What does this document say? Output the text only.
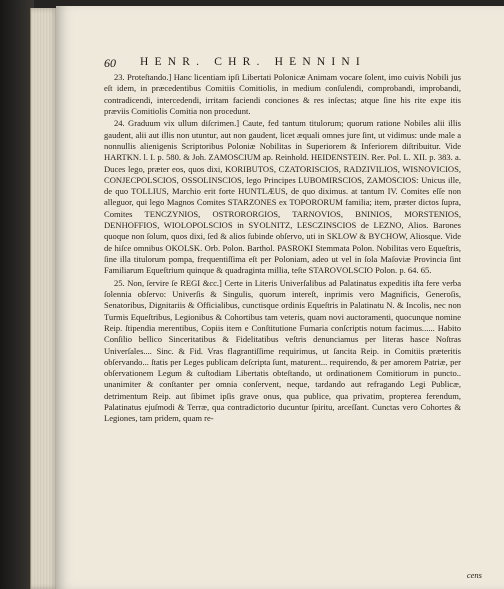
60 HENR. CHR. HENNINI

23. Proteſtando.] Hanc licentiam ipſi Libertati Polonicæ Animam vocare ſolent, imo cuivis Nobili jus eſt idem, in præcedentibus Comitiis Comitiolis, in medium conſulendi, comprobandi, improbandi, contradicendi, intercedendi, irritam faciendi conciones & res inſectas; atque ſine his rite expe itis præviis Comitiolis Comitia non procedunt.

24. Graduum vix ullum diſcrimen.] Caute, fed tantum titulorum; quorum ratione Nobiles alii illis gaudent, alii aut illis non utuntur, aut non gaudent, licet æquali omnes jure ſint, ut vidimus: unde male a nonnullis alienigenis Scriptoribus Poloniæ Nobilitas in Superiorem & Inferiorem diſtribuitur. Vide HARTKN. l. I. p. 580. & Joh. ZAMOSCIUM ap. Reinhold. HEIDENSTEIN. Rer. Pol. L. XII. p. 383. a. Duces lego, præter eos, quos dixi, KORIBUTOS, CZATORISCIOS, RADZIVILIOS, WISNOVICIOS, CONJECPOLSCIOS, OSSOLINSCIOS, lego Principes LUBOMIRSCIOS, ZAMOSCIOS: Unicus ille, de quo TOLLIUS, Marchio erit forte HUNTLÆUS, de quo diximus. at tantum IV. Comites eſſe non alleguor, qui lego Magnos Comites STARZONES ex TOPORORUM familia; item, præter dictos ſupra, Comites TENCZYNIOS, OSTRORORGIOS, TARNOVIOS, BNINIOS, MORSTENIOS, DENHOFFIOS, WIOLOPOLSCIOS in SYOLNITZ, LESCZINSCIOS de LEZNO, Alios. Barones quoque non ſolum, quos dixi, ſed & alios ſubinde obſervo, uti in SKLOW & BYCHOW, Aliosque. Vide de hiſce omnibus OKOLSK. Orb. Polon. Barthol. PASROKI Stemmata Polon. Nobilitas vero Equeſtris, ſine illa titulorum pompa, frequentiſſima eſt per Poloniam, adeo ut vel in ſola Maſoviæ Provincia ſint Familiarum Equeſtrium quinque & quadraginta millia, teſte STAROVOLSCIO Polon. p. 64. 65.

25. Non, ſervire ſe REGI &cc.] Certe in Literis Univerſalibus ad Palatinatus expeditis iſta fere verba ſolennia obſervo: Univerſis & Singulis, quorum intereſt, inprimis vero Magnificis, Generoſis, Senatoribus, Dignitariis & Officialibus, cunctisque ordinis Equeſtris in Palatinatu N. & Incolis, nec non Turmis Equeſtribus, Legionibus & Cohortibus tam veteris, quam novi auctoramenti, quocunque nomine Reip. ſtipendia merentibus, Copiis item e Conſtitutione Fumaria conſcriptis notum facimus...... Habito Conſilio bellico Sinceritatibus & Fidelitatibus veſtris denunciamus per literas hasce Noſtras Univerſales.... Sinc. & Fid. Vras flagrantiſſime requirimus, ut ſancita Reip. in Comitiis præteritis obſervando... ſtatis per Leges publicam deſcripta ſunt, maturent... requirendo, & per amorem Patriæ, per obſervationem Legum & cuſtodiam Libertatis obteſtando, ut ordinationem Comitiorum in puncto.. unanimiter & conſtanter per omnia conſervent, neque, tardando aut refragando Legi Publicæ, detrimentum Reip. aut ſibimet ipſis grave onus, qua publice, qua privatim, propterea ferendum, Palatinatus ejuſmodi & Terræ, qua contradictorio ducuntur ſpiritu, arceſſant. Cunctas vero Cohortes & Legiones, tam pridem, quam re-

cens
